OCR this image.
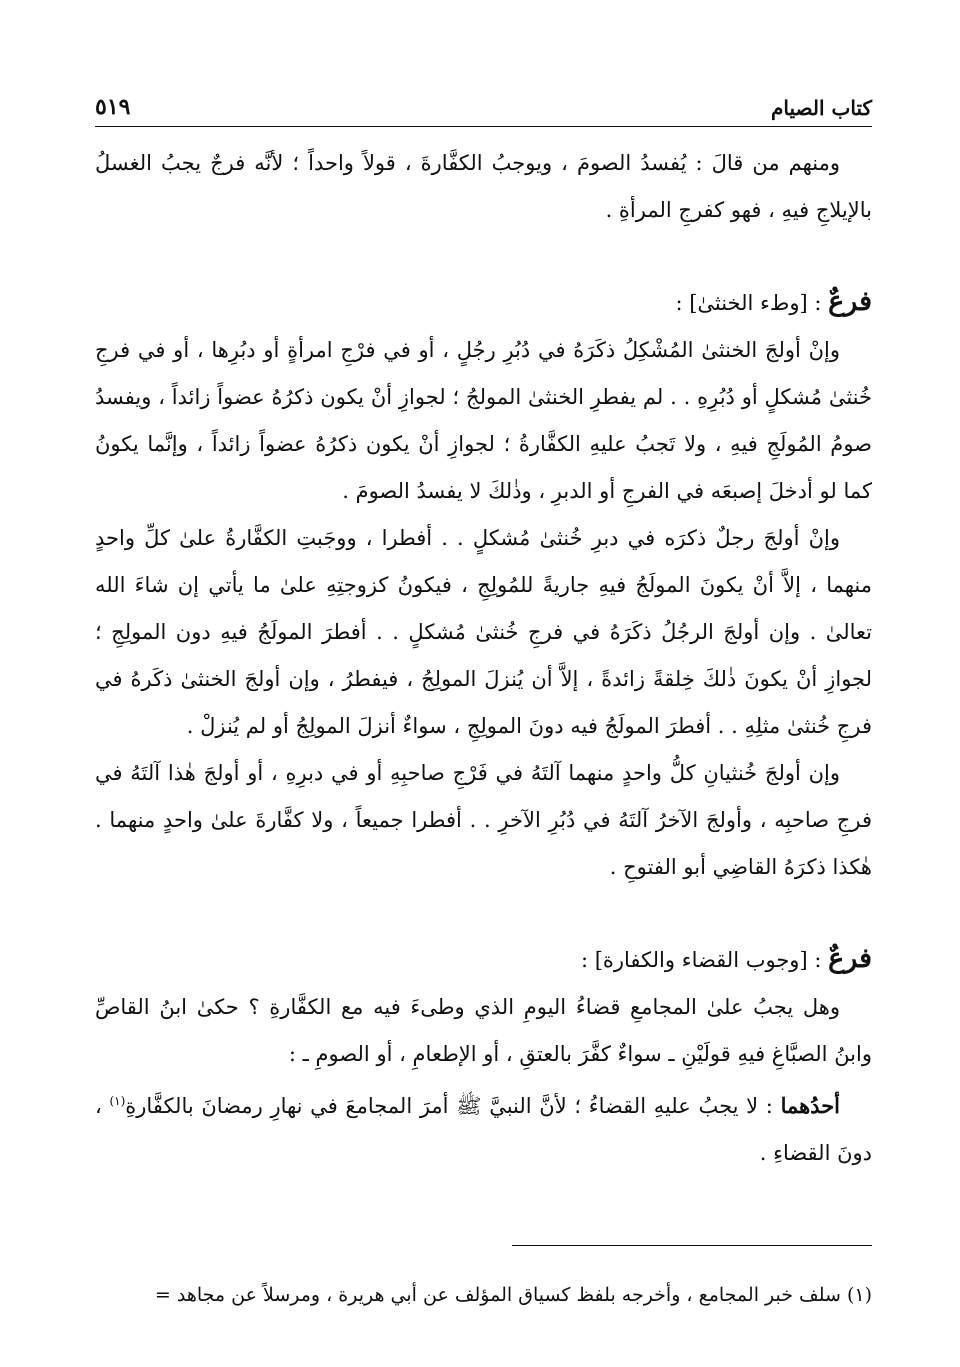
كتاب الصيام
٥١٩

ومنهم من قالَ : يُفسدُ الصومَ ، ويوجبُ الكفَّارةَ ، قولاً واحداً ؛ لأنَّه فرجٌ يجبُ الغسلُ بالإيلاجِ فيهِ ، فهو كفرجِ المرأةِ .

فرعٌ : [وطء الخنثىٰ] :

وإنْ أولجَ الخنثىٰ المُشْكِلُ ذكَرَهُ في دُبُرِ رجُلٍ ، أو في فرْجِ امرأةٍ أو دبُرِها ، أو في فرجِ خُنثىٰ مُشكلٍ أو دُبُرِهِ . . لم يفطرِ الخنثىٰ المولجُ ؛ لجوازِ أنْ يكون ذكرُهُ عضواً زائداً ، ويفسدُ صومُ المُولَجِ فيهِ ، ولا تَجبُ عليهِ الكفَّارةُ ؛ لجوازِ أنْ يكون ذكرُهُ عضواً زائداً ، وإنَّما يكونُ كما لو أدخلَ إصبعَه في الفرجِ أو الدبرِ ، وذٰلكَ لا يفسدُ الصومَ .

وإنْ أولجَ رجلٌ ذكرَه في دبرِ خُنثىٰ مُشكلٍ . . أفطرا ، ووجَبتِ الكفَّارةُ علىٰ كلِّ واحدٍ منهما ، إلاَّ أنْ يكونَ المولَجُ فيهِ جاريةً للمُولِجِ ، فيكونُ كزوجتِهِ علىٰ ما يأتي إن شاءَ الله تعالىٰ . وإن أولجَ الرجُلُ ذكَرَهُ في فرجِ خُنثىٰ مُشكلٍ . . أفطرَ المولَجُ فيهِ دون المولِجِ ؛ لجوازِ أنْ يكونَ ذٰلكَ خِلقةً زائدةً ، إلاَّ أن يُنزلَ المولِجُ ، فيفطرُ ، وإن أولجَ الخنثىٰ ذكَرهُ في فرجِ خُنثىٰ مثلِهِ . . أفطرَ المولَجُ فيه دونَ المولِجِ ، سواءٌ أنزلَ المولِجُ أو لم يُنزلْ .

وإن أولجَ خُنثيانِ كلُّ واحدٍ منهما آلتَهُ في فَرْجِ صاحبِهِ أو في دبرِهِ ، أو أولجَ هٰذا آلتَهُ في فرجِ صاحبِه ، وأولجَ الآخرُ آلتَهُ في دُبُرِ الآخرِ . . أفطرا جميعاً ، ولا كفَّارةَ علىٰ واحدٍ منهما . هٰكذا ذكرَهُ القاضِي أبو الفتوحِ .

فرعٌ : [وجوب القضاء والكفارة] :

وهل يجبُ علىٰ المجامعِ قضاءُ اليومِ الذي وطىءَ فيه مع الكفَّارةِ ؟ حكىٰ ابنُ القاصِّ وابنُ الصبَّاغِ فيهِ قولَيْنِ ـ سواءٌ كفَّرَ بالعتقِ ، أو الإطعامِ ، أو الصومِ ـ :

أحدُهما : لا يجبُ عليهِ القضاءُ ؛ لأنَّ النبيَّ ﷺ أمرَ المجامعَ في نهارِ رمضانَ بالكفَّارةِ$^{(١)}$ ، دونَ القضاءِ .

(١) سلف خبر المجامع ، وأخرجه بلفظ كسياق المؤلف عن أبي هريرة ، ومرسلاً عن مجاهد =
